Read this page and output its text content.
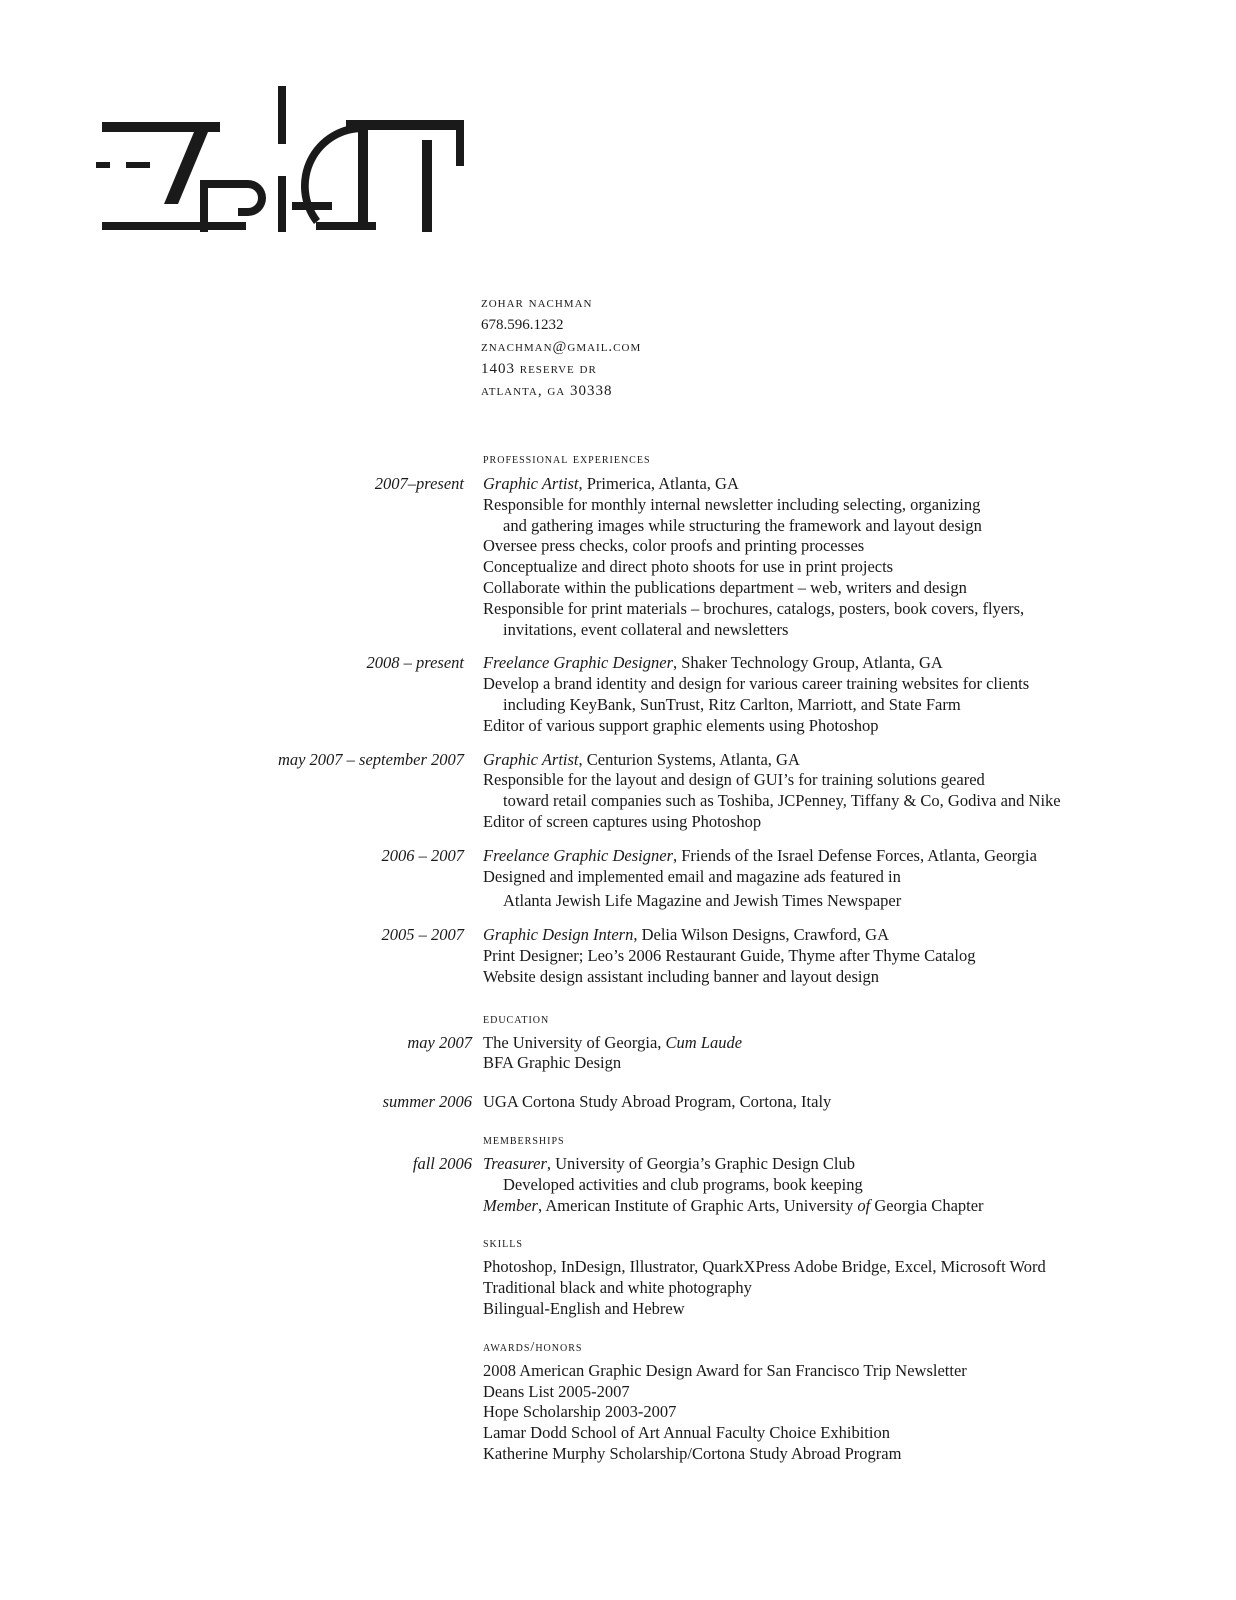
zohar nachman
678.596.1232
znachman@gmail.com
1403 reserve dr
atlanta, ga 30338
professional experiences
2007–present Graphic Artist, Primerica, Atlanta, GA
Responsible for monthly internal newsletter including selecting, organizing
and gathering images while structuring the framework and layout design
Oversee press checks, color proofs and printing processes
Conceptualize and direct photo shoots for use in print projects
Collaborate within the publications department – web, writers and design
Responsible for print materials – brochures, catalogs, posters, book covers, flyers,
invitations, event collateral and newsletters
2008 – present Freelance Graphic Designer, Shaker Technology Group, Atlanta, GA
Develop a brand identity and design for various career training websites for clients
including KeyBank, SunTrust, Ritz Carlton, Marriott, and State Farm
Editor of various support graphic elements using Photoshop
may 2007 – september 2007 Graphic Artist, Centurion Systems, Atlanta, GA
Responsible for the layout and design of GUI’s for training solutions geared
toward retail companies such as Toshiba, JCPenney, Tiffany & Co, Godiva and Nike
Editor of screen captures using Photoshop
2006 – 2007 Freelance Graphic Designer, Friends of the Israel Defense Forces, Atlanta, Georgia
Designed and implemented email and magazine ads featured in
Atlanta Jewish Life Magazine and Jewish Times Newspaper
2005 – 2007 Graphic Design Intern, Delia Wilson Designs, Crawford, GA
Print Designer; Leo’s 2006 Restaurant Guide, Thyme after Thyme Catalog
Website design assistant including banner and layout design
education
may 2007 The University of Georgia, Cum Laude
BFA Graphic Design
summer 2006 UGA Cortona Study Abroad Program, Cortona, Italy
memberships
fall 2006 Treasurer, University of Georgia’s Graphic Design Club
Developed activities and club programs, book keeping
Member, American Institute of Graphic Arts, University of Georgia Chapter
skills
Photoshop, InDesign, Illustrator, QuarkXPress Adobe Bridge, Excel, Microsoft Word
Traditional black and white photography
Bilingual-English and Hebrew
awards/honors
2008 American Graphic Design Award for San Francisco Trip Newsletter
Deans List 2005-2007
Hope Scholarship 2003-2007
Lamar Dodd School of Art Annual Faculty Choice Exhibition
Katherine Murphy Scholarship/Cortona Study Abroad Program
